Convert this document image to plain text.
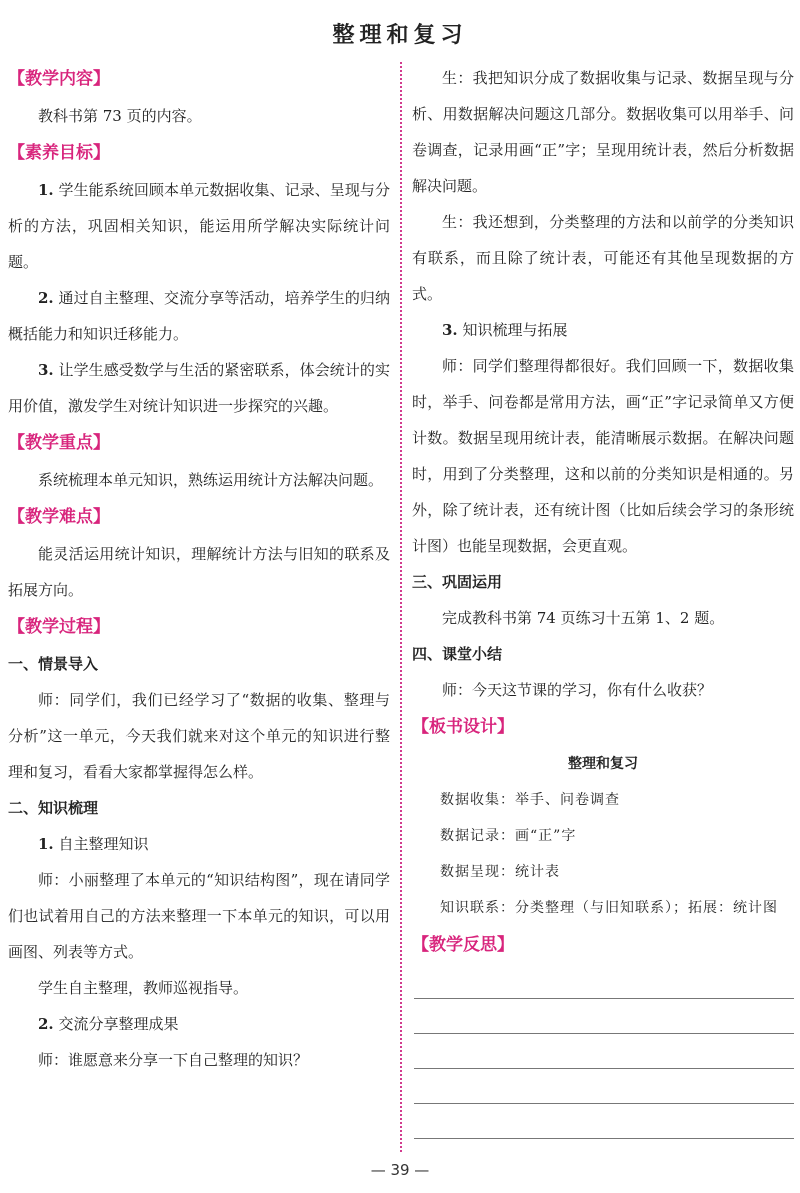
整理和复习
【教学内容】

教科书第 73 页的内容。

【素养目标】

1. 学生能系统回顾本单元数据收集、记录、呈现与分析的方法，巩固相关知识，能运用所学解决实际统计问题。

2. 通过自主整理、交流分享等活动，培养学生的归纳概括能力和知识迁移能力。

3. 让学生感受数学与生活的紧密联系，体会统计的实用价值，激发学生对统计知识进一步探究的兴趣。

【教学重点】

系统梳理本单元知识，熟练运用统计方法解决问题。

【教学难点】

能灵活运用统计知识，理解统计方法与旧知的联系及拓展方向。

【教学过程】
一、情景导入

师：同学们，我们已经学习了“数据的收集、整理与分析”这一单元，今天我们就来对这个单元的知识进行整理和复习，看看大家都掌握得怎么样。

二、知识梳理

1. 自主整理知识

师：小丽整理了本单元的“知识结构图”，现在请同学们也试着用自己的方法来整理一下本单元的知识，可以用画图、列表等方式。

学生自主整理，教师巡视指导。

2. 交流分享整理成果

师：谁愿意来分享一下自己整理的知识？

生：我把知识分成了数据收集与记录、数据呈现与分析、用数据解决问题这几部分。数据收集可以用举手、问卷调查，记录用画“正”字；呈现用统计表，然后分析数据解决问题。

生：我还想到，分类整理的方法和以前学的分类知识有联系，而且除了统计表，可能还有其他呈现数据的方式。

3. 知识梳理与拓展

师：同学们整理得都很好。我们回顾一下，数据收集时，举手、问卷都是常用方法，画“正”字记录简单又方便计数。数据呈现用统计表，能清晰展示数据。在解决问题时，用到了分类整理，这和以前的分类知识是相通的。另外，除了统计表，还有统计图（比如后续会学习的条形统计图）也能呈现数据，会更直观。

三、巩固运用

完成教科书第 74 页练习十五第 1、2 题。

四、课堂小结

师：今天这节课的学习，你有什么收获？

【板书设计】
整理和复习
数据收集：举手、问卷调查
数据记录：画“正”字
数据呈现：统计表
知识联系：分类整理（与旧知联系）；拓展：统计图
【教学反思】
— 39 —
